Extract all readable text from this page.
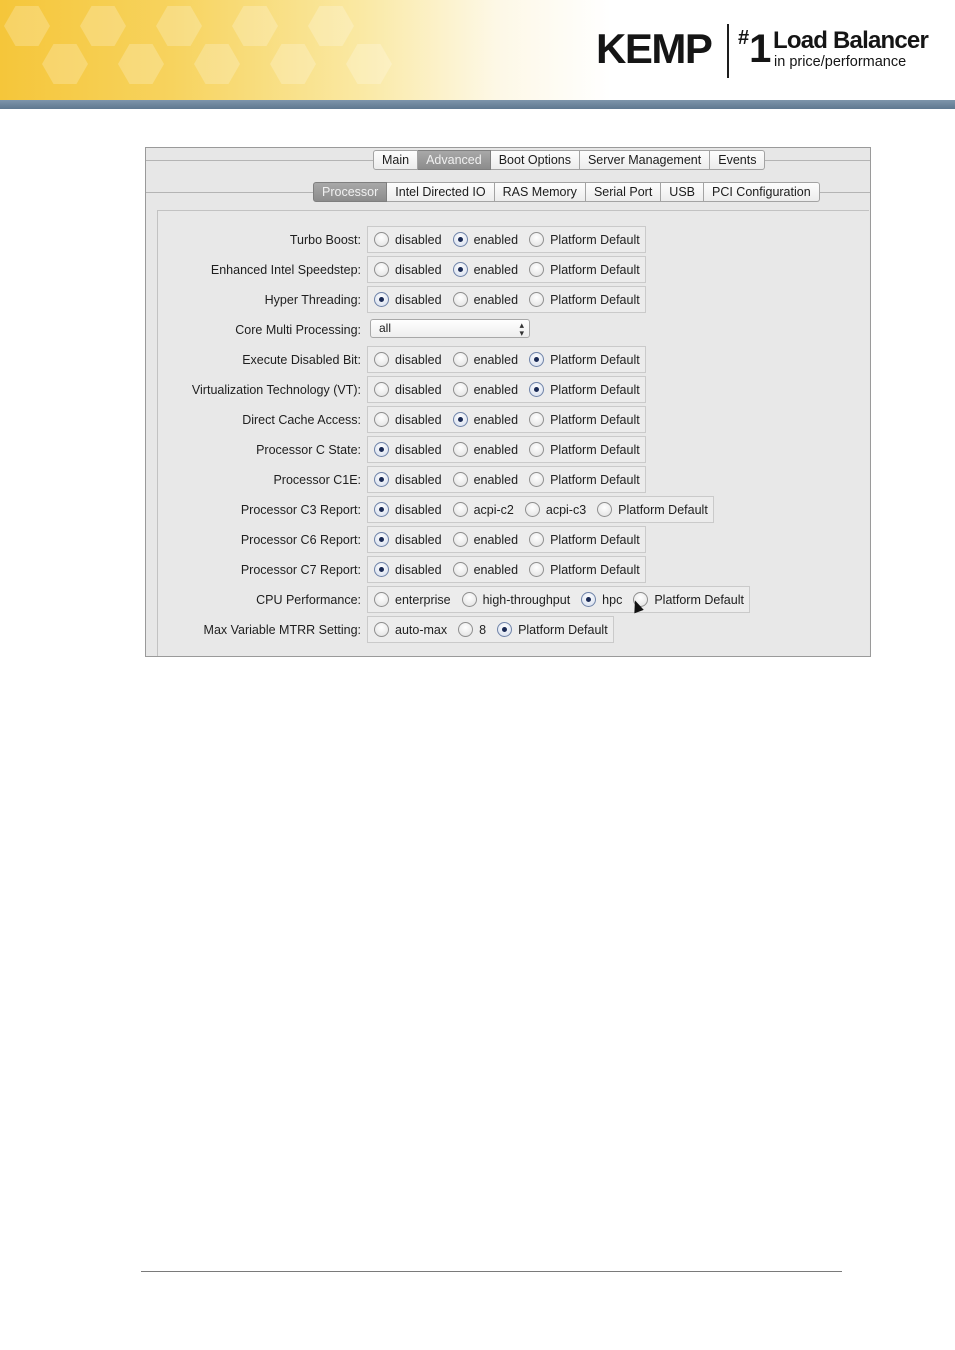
KEMP #1 Load Balancer
in price/performance
Main	Advanced	Boot Options	Server Management	Events
Processor	Intel Directed IO	RAS Memory	Serial Port	USB	PCI Configuration
Turbo Boost:	disabled	enabled	Platform Default
Enhanced Intel Speedstep:	disabled	enabled	Platform Default
Hyper Threading:	disabled	enabled	Platform Default
Core Multi Processing:	all	▴
▾
Execute Disabled Bit:	disabled	enabled	Platform Default
Virtualization Technology (VT):	disabled	enabled	Platform Default
Direct Cache Access:	disabled	enabled	Platform Default
Processor C State:	disabled	enabled	Platform Default
Processor C1E:	disabled	enabled	Platform Default
Processor C3 Report:	disabled	acpi-c2	acpi-c3	Platform Default
Processor C6 Report:	disabled	enabled	Platform Default
Processor C7 Report:	disabled	enabled	Platform Default
CPU Performance:	enterprise	high-throughput	hpc	Platform Default
Max Variable MTRR Setting:	auto-max	8	Platform Default
